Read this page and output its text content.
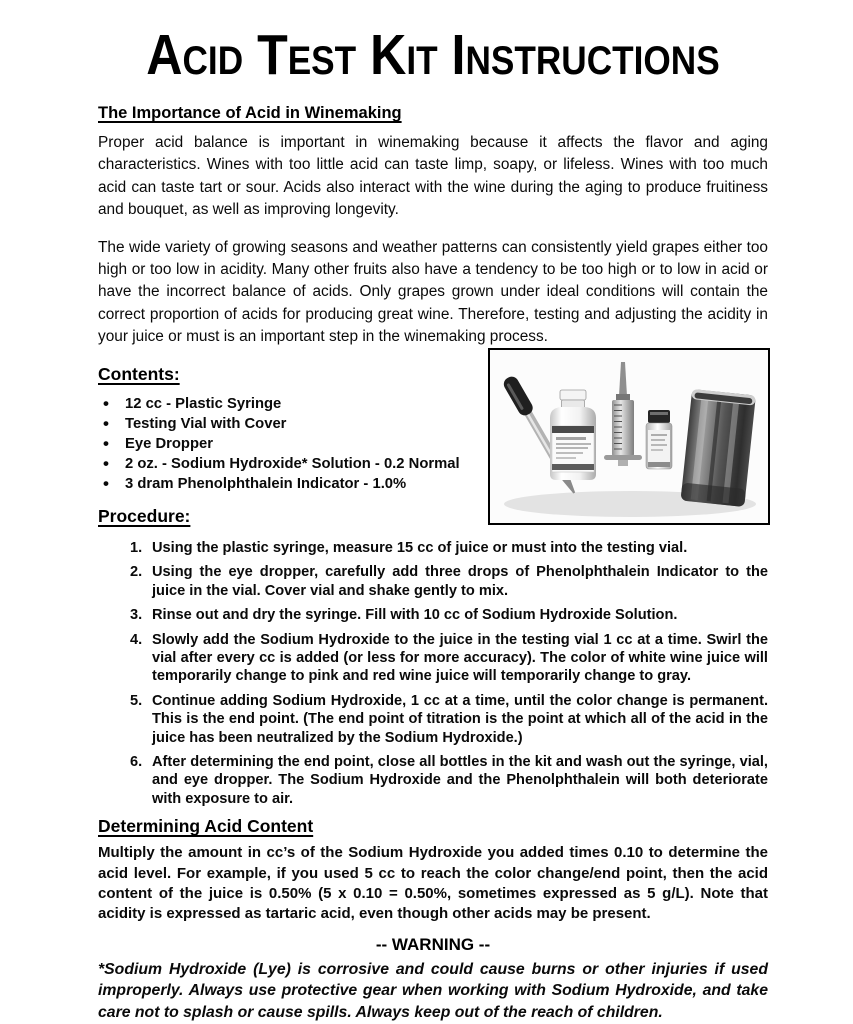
Acid Test Kit Instructions
The Importance of Acid in Winemaking

Proper acid balance is important in winemaking because it affects the flavor and aging characteristics. Wines with too little acid can taste limp, soapy, or lifeless. Wines with too much acid can taste tart or sour. Acids also interact with the wine during the aging to produce fruitiness and bouquet, as well as improving longevity.

The wide variety of growing seasons and weather patterns can consistently yield grapes either too high or too low in acidity. Many other fruits also have a tendency to be too high or to low in acid or have the incorrect balance of acids. Only grapes grown under ideal conditions will contain the correct proportion of acids for producing great wine. Therefore, testing and adjusting the acidity in your juice or must is an important step in the winemaking process.

Contents:
• 12 cc - Plastic Syringe
• Testing Vial with Cover
• Eye Dropper
• 2 oz. - Sodium Hydroxide* Solution - 0.2 Normal
• 3 dram Phenolphthalein Indicator - 1.0%
Procedure:
Using the plastic syringe, measure 15 cc of juice or must into the testing vial.
Using the eye dropper, carefully add three drops of Phenolphthalein Indicator to the juice in the vial. Cover vial and shake gently to mix.
Rinse out and dry the syringe. Fill with 10 cc of Sodium Hydroxide Solution.
Slowly add the Sodium Hydroxide to the juice in the testing vial 1 cc at a time. Swirl the vial after every cc is added (or less for more accuracy). The color of white wine juice will temporarily change to pink and red wine juice will temporarily change to gray.
Continue adding Sodium Hydroxide, 1 cc at a time, until the color change is permanent. This is the end point. (The end point of titration is the point at which all of the acid in the juice has been neutralized by the Sodium Hydroxide.)
After determining the end point, close all bottles in the kit and wash out the syringe, vial, and eye dropper. The Sodium Hydroxide and the Phenolphthalein will both deteriorate with exposure to air.
Determining Acid Content

Multiply the amount in cc’s of the Sodium Hydroxide you added times 0.10 to determine the acid level. For example, if you used 5 cc to reach the color change/end point, then the acid content of the juice is 0.50% (5 x 0.10 = 0.50%, sometimes expressed as 5 g/L). Note that acidity is expressed as tartaric acid, even though other acids may be present.

-- WARNING --

*Sodium Hydroxide (Lye) is corrosive and could cause burns or other injuries if used improperly. Always use protective gear when working with Sodium Hydroxide, and take care not to splash or cause spills. Always keep out of the reach of children.
